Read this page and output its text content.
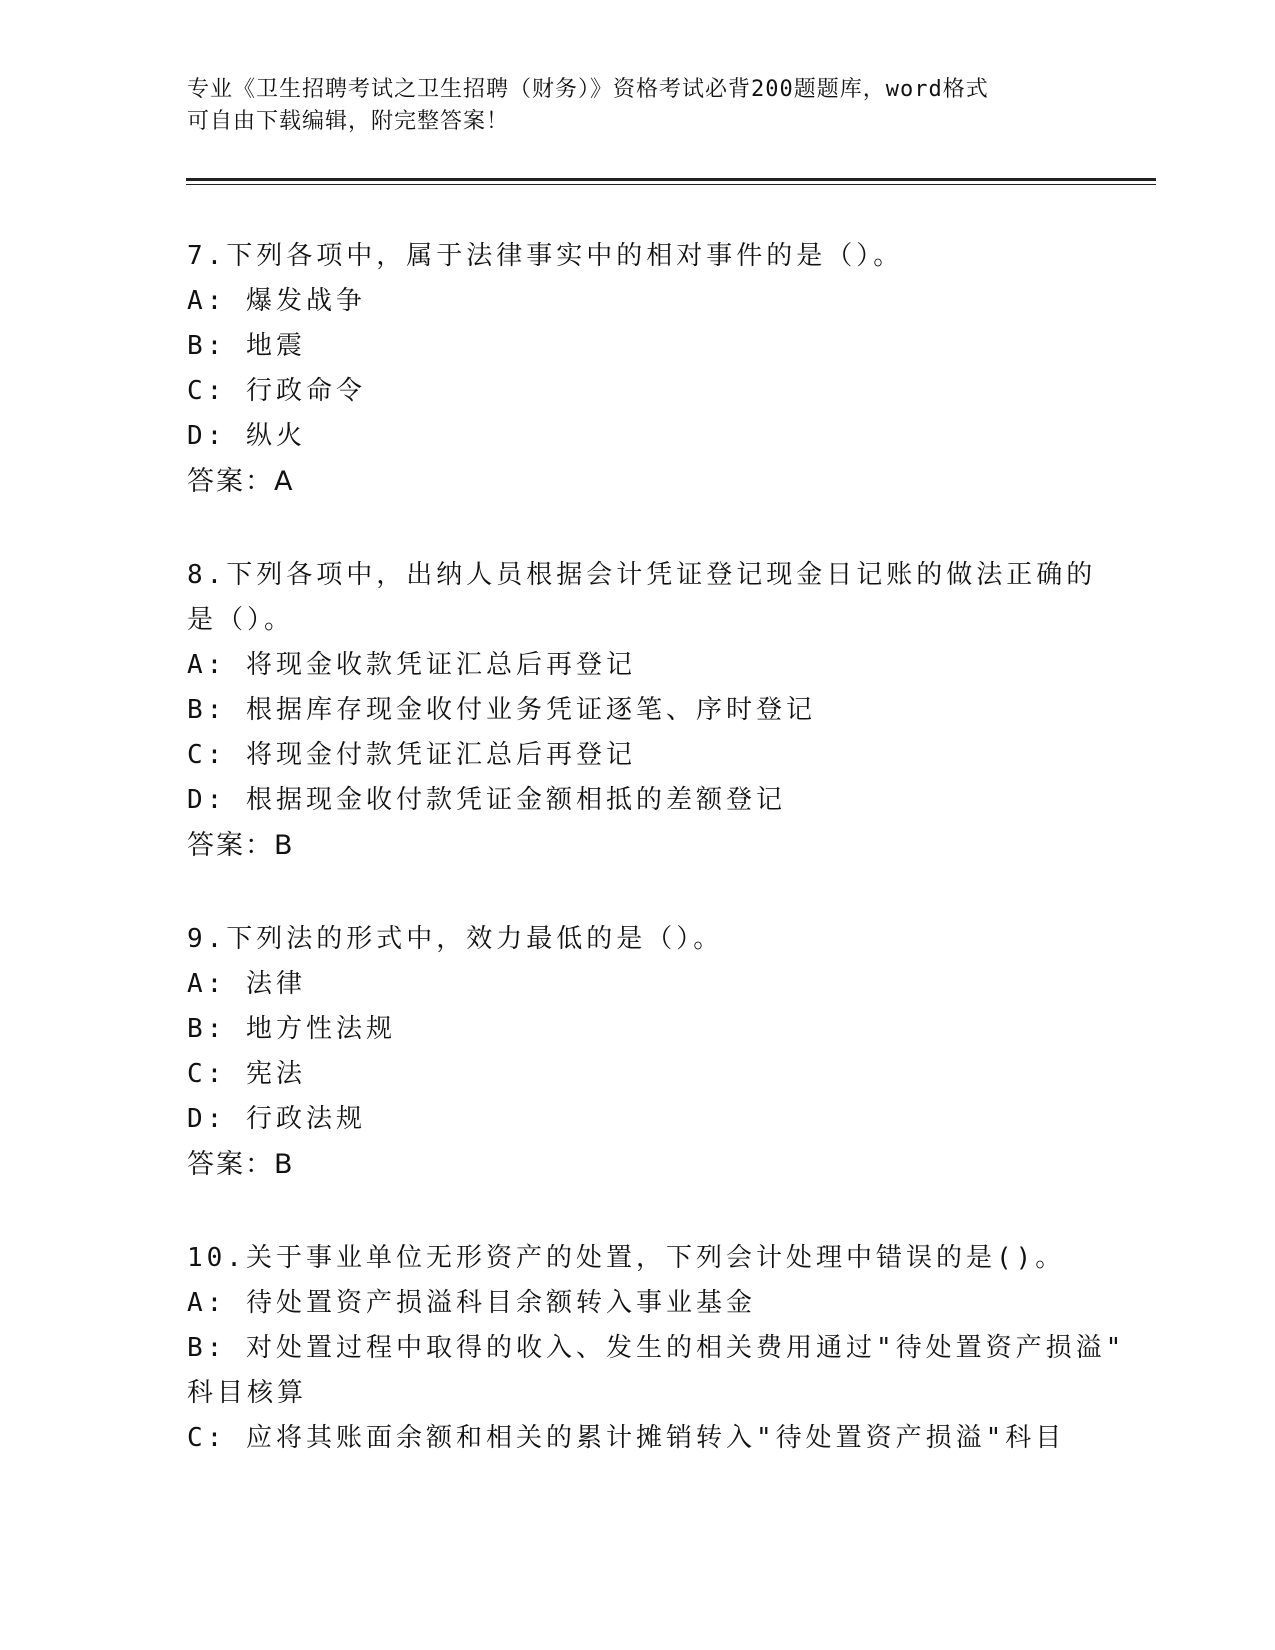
专业《卫生招聘考试之卫生招聘（财务）》资格考试必背200题题库，word格式
可自由下载编辑，附完整答案！
7.下列各项中，属于法律事实中的相对事件的是（）。
A: 爆发战争
B: 地震
C: 行政命令
D: 纵火
答案：A
8.下列各项中，出纳人员根据会计凭证登记现金日记账的做法正确的
是（）。
A: 将现金收款凭证汇总后再登记
B: 根据库存现金收付业务凭证逐笔、序时登记
C: 将现金付款凭证汇总后再登记
D: 根据现金收付款凭证金额相抵的差额登记
答案：B
9.下列法的形式中，效力最低的是（）。
A: 法律
B: 地方性法规
C: 宪法
D: 行政法规
答案：B
10.关于事业单位无形资产的处置，下列会计处理中错误的是()。
A: 待处置资产损溢科目余额转入事业基金
B: 对处置过程中取得的收入、发生的相关费用通过"待处置资产损溢"
科目核算
C: 应将其账面余额和相关的累计摊销转入"待处置资产损溢"科目
